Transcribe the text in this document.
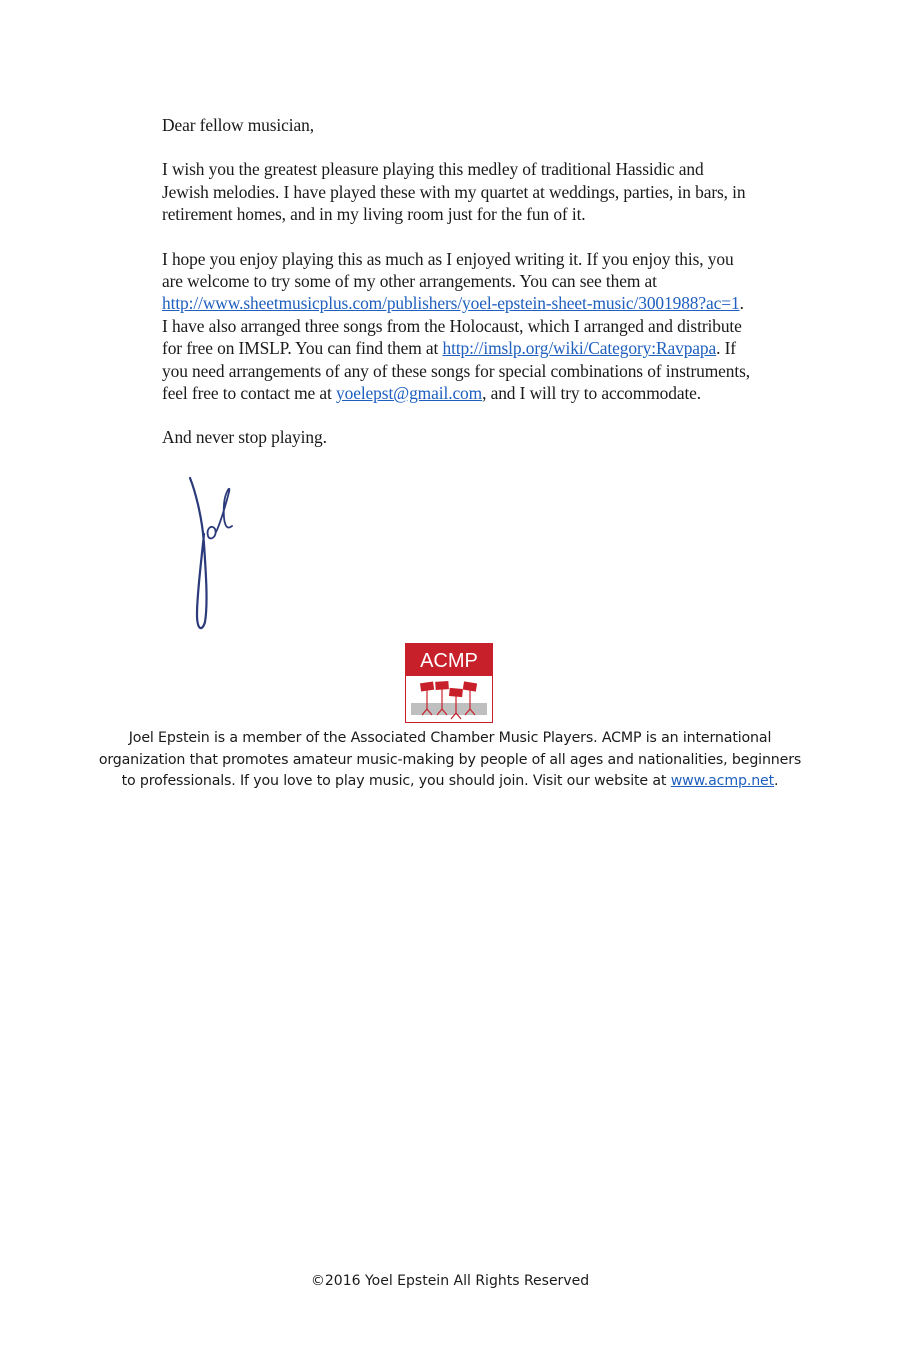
Dear fellow musician,

I wish you the greatest pleasure playing this medley of traditional Hassidic and Jewish melodies. I have played these with my quartet at weddings, parties, in bars, in retirement homes, and in my living room just for the fun of it.

I hope you enjoy playing this as much as I enjoyed writing it. If you enjoy this, you are welcome to try some of my other arrangements. You can see them at http://www.sheetmusicplus.com/publishers/yoel-epstein-sheet-music/3001988?ac=1. I have also arranged three songs from the Holocaust, which I arranged and distribute for free on IMSLP. You can find them at http://imslp.org/wiki/Category:Ravpapa. If you need arrangements of any of these songs for special combinations of instruments, feel free to contact me at yoelepst@gmail.com, and I will try to accommodate.

And never stop playing.

ACMP
Joel Epstein is a member of the Associated Chamber Music Players. ACMP is an international organization that promotes amateur music-making by people of all ages and nationalities, beginners to professionals. If you love to play music, you should join. Visit our website at www.acmp.net.
©2016 Yoel Epstein All Rights Reserved
